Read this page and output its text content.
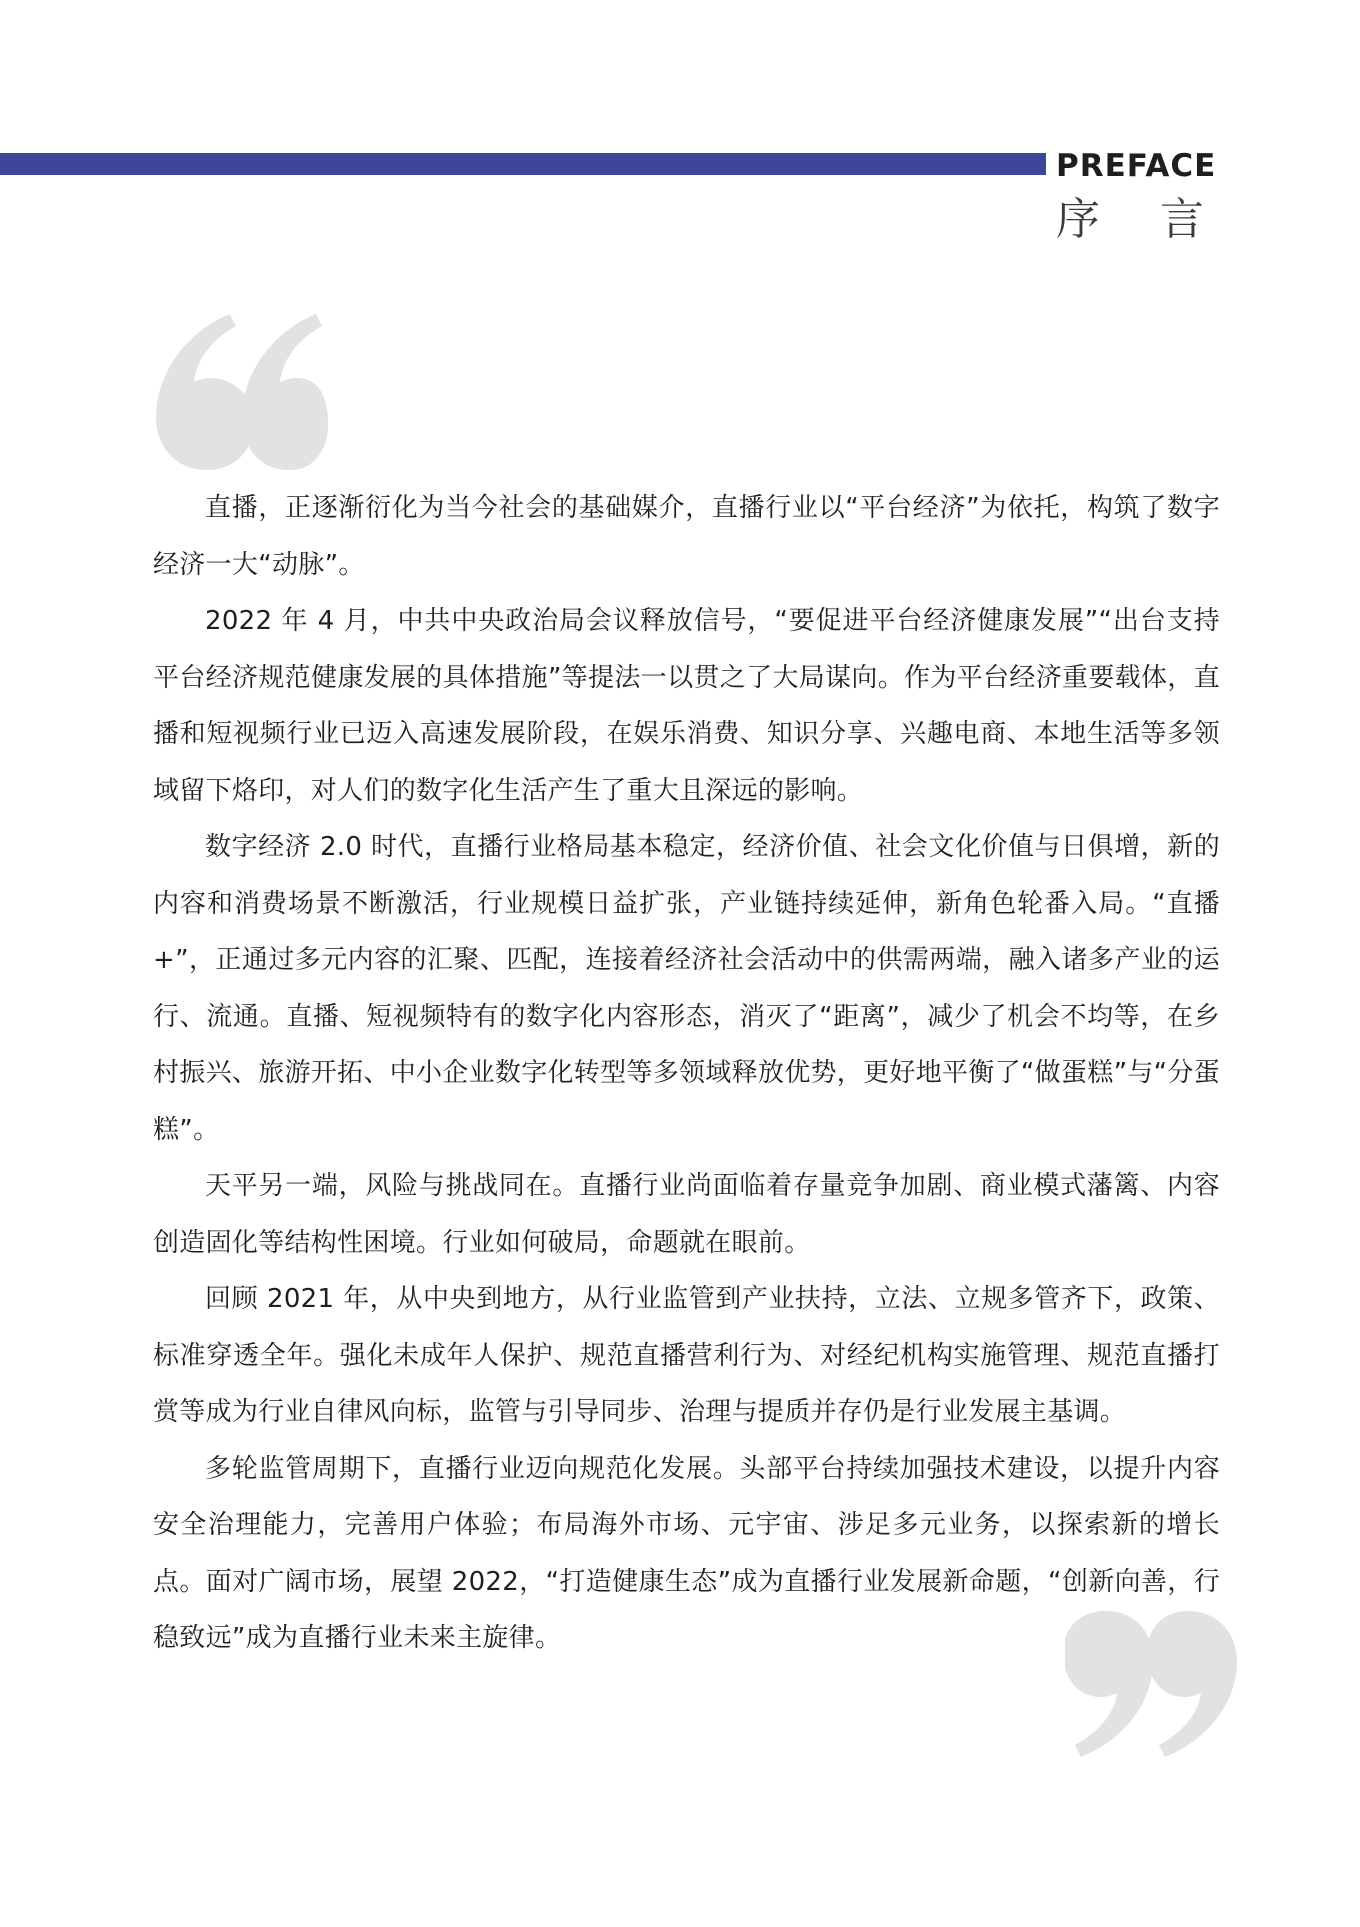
PREFACE
序言

直播，正逐渐衍化为当今社会的基础媒介，直播行业以“平台经济”为依托，构筑了数字经济一大“动脉”。

2022 年 4 月，中共中央政治局会议释放信号，“要促进平台经济健康发展”“出台支持平台经济规范健康发展的具体措施”等提法一以贯之了大局谋向。作为平台经济重要载体，直播和短视频行业已迈入高速发展阶段，在娱乐消费、知识分享、兴趣电商、本地生活等多领域留下烙印，对人们的数字化生活产生了重大且深远的影响。

数字经济 2.0 时代，直播行业格局基本稳定，经济价值、社会文化价值与日俱增，新的内容和消费场景不断激活，行业规模日益扩张，产业链持续延伸，新角色轮番入局。“直播 +”，正通过多元内容的汇聚、匹配，连接着经济社会活动中的供需两端，融入诸多产业的运行、流通。直播、短视频特有的数字化内容形态，消灭了“距离”，减少了机会不均等，在乡村振兴、旅游开拓、中小企业数字化转型等多领域释放优势，更好地平衡了“做蛋糕”与“分蛋糕”。

天平另一端，风险与挑战同在。直播行业尚面临着存量竞争加剧、商业模式藩篱、内容创造固化等结构性困境。行业如何破局，命题就在眼前。

回顾 2021 年，从中央到地方，从行业监管到产业扶持，立法、立规多管齐下，政策、标准穿透全年。强化未成年人保护、规范直播营利行为、对经纪机构实施管理、规范直播打赏等成为行业自律风向标，监管与引导同步、治理与提质并存仍是行业发展主基调。

多轮监管周期下，直播行业迈向规范化发展。头部平台持续加强技术建设，以提升内容安全治理能力，完善用户体验；布局海外市场、元宇宙、涉足多元业务，以探索新的增长点。面对广阔市场，展望 2022，“打造健康生态”成为直播行业发展新命题，“创新向善，行稳致远”成为直播行业未来主旋律。
